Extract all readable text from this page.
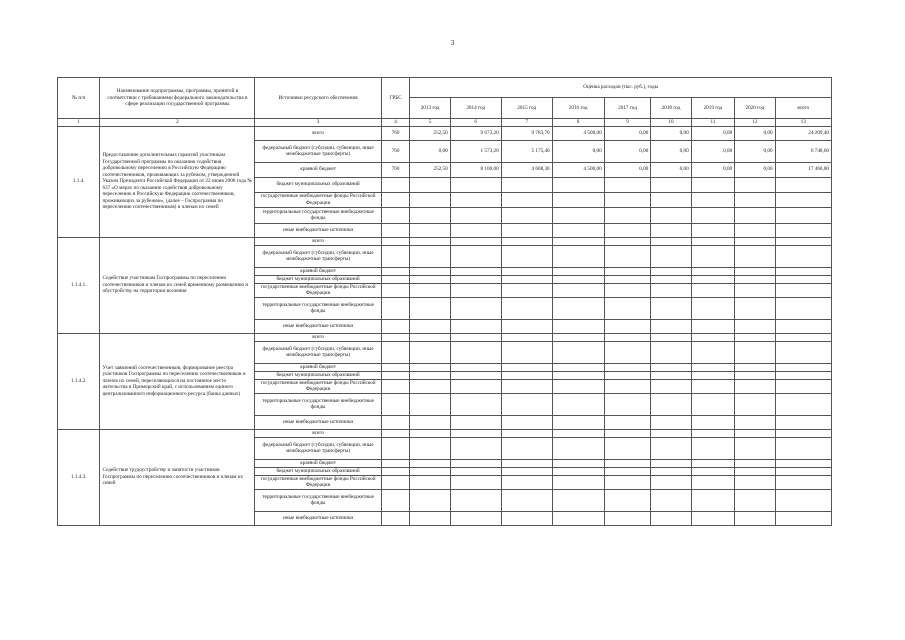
3
№ п/п	Наименование подпрограммы, программы, принятой в соответствии с требованиями федерального законодательства в сфере реализации государственной программы	Источники ресурсного обеспечения	ГРБС	Оценка расходов (тыс. руб.), годы								
				2013 год	2014 год	2015 год	2016 год	2017 год	2018 год	2019 год	2020 год	всего
1	2	3	4	5	6	7	8	9	10	11	12	13
1.1.4.	Предоставление дополнительных гарантий участникам Государственной программы по оказанию содействия добровольному переселению в Российскую Федерацию соотечественников, проживающих за рубежом, утвержденной Указом Президента Российской Федерации от 22 июня 2006 года № 637 «О мерах по оказанию содействия добровольному переселению в Российскую Федерацию соотечественников, проживающих за рубежом», (далее – Госпрограмма по переселению соотечественников) и членам их семей	всего	760	252,50	9 673,20	9 783,70	4 500,00	0,00	0,00	0,00	0,00	24 209,40
		федеральный бюджет (субсидии, субвенции, иные межбюджетные трансферты)	760	0,00	1 573,20	5 175,40	0,00	0,00	0,00	0,00	0,00	6 748,60
		краевой бюджет	760	252,50	8 100,00	4 608,30	4 500,00	0,00	0,00	0,00	0,00	17 460,80
		бюджет муниципальных образований										
		государственные внебюджетные фонды Российской Федерации										
		территориальные государственные внебюджетные фонды										
		иные внебюджетные источники										
1.1.4.1.	Содействие участникам Госпрограммы по переселению соотечественников и членам их семей временному размещению и обустройству на территории вселения	всего										
		федеральный бюджет (субсидии, субвенции, иные межбюджетные трансферты)										
		краевой бюджет										
		бюджет муниципальных образований										
		государственные внебюджетные фонды Российской Федерации										
		территориальные государственные внебюджетные фонды										
		иные внебюджетные источники										
1.1.4.2.	Учет заявлений соотечественников, формирование реестра участников Госпрограммы по переселению соотечественников и членов их семей, переселяющихся на постоянное место жительства в Приморский край, с использованием единого централизованного информационного ресурса (банка данных)	всего										
		федеральный бюджет (субсидии, субвенции, иные межбюджетные трансферты)										
		краевой бюджет										
		бюджет муниципальных образований										
		государственные внебюджетные фонды Российской Федерации										
		территориальные государственные внебюджетные фонды										
		иные внебюджетные источники										
1.1.4.3.	Содействие трудоустройству и занятости участников Госпрограммы по переселению соотечественников и членам их семей	всего										
		федеральный бюджет (субсидии, субвенции, иные межбюджетные трансферты)										
		краевой бюджет										
		бюджет муниципальных образований										
		государственные внебюджетные фонды Российской Федерации										
		территориальные государственные внебюджетные фонды										
		иные внебюджетные источники										
